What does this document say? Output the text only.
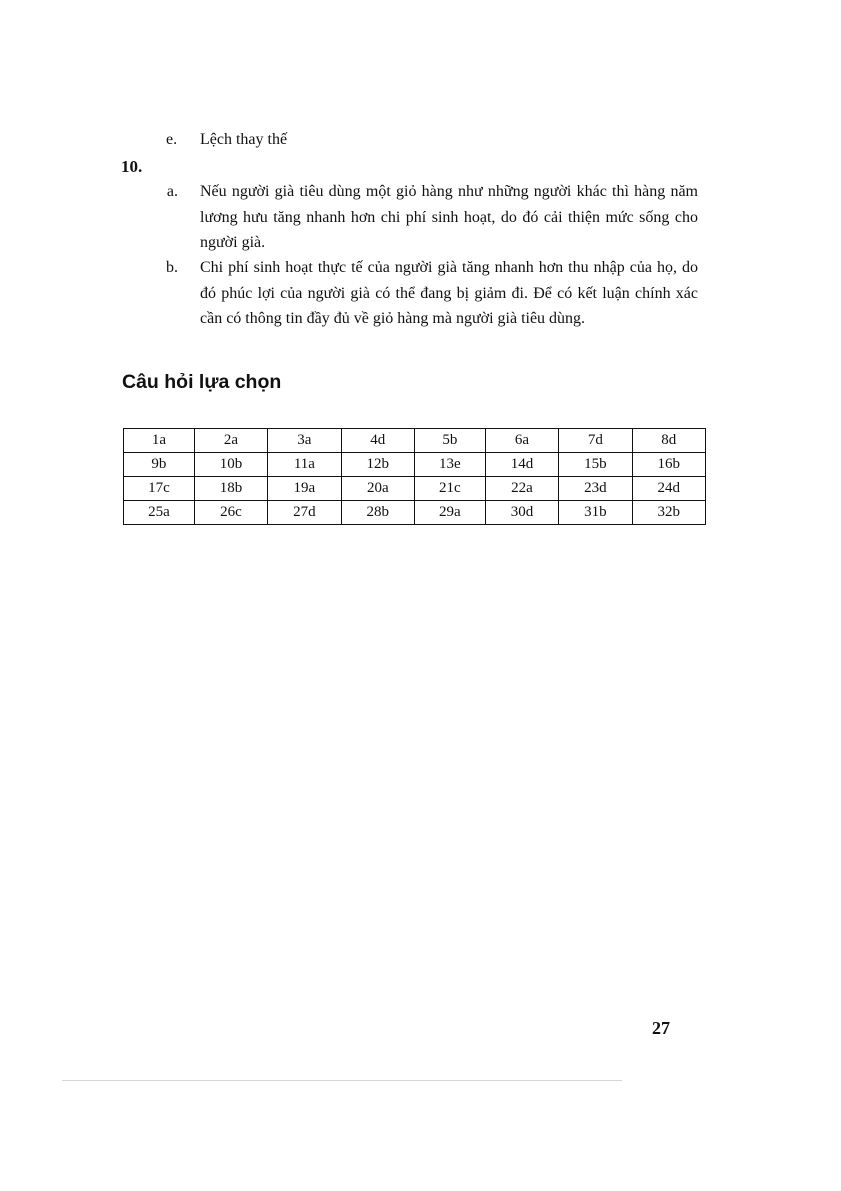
e. Lệch thay thế
10.
a. Nếu người già tiêu dùng một giỏ hàng như những người khác thì hàng năm lương hưu tăng nhanh hơn chi phí sinh hoạt, do đó cải thiện mức sống cho người già.
b. Chi phí sinh hoạt thực tế của người già tăng nhanh hơn thu nhập của họ, do đó phúc lợi của người già có thể đang bị giảm đi. Để có kết luận chính xác cần có thông tin đầy đủ về giỏ hàng mà người già tiêu dùng.
Câu hỏi lựa chọn
1a	2a	3a	4d	5b	6a	7d	8d
9b	10b	11a	12b	13e	14d	15b	16b
17c	18b	19a	20a	21c	22a	23d	24d
25a	26c	27d	28b	29a	30d	31b	32b
27
